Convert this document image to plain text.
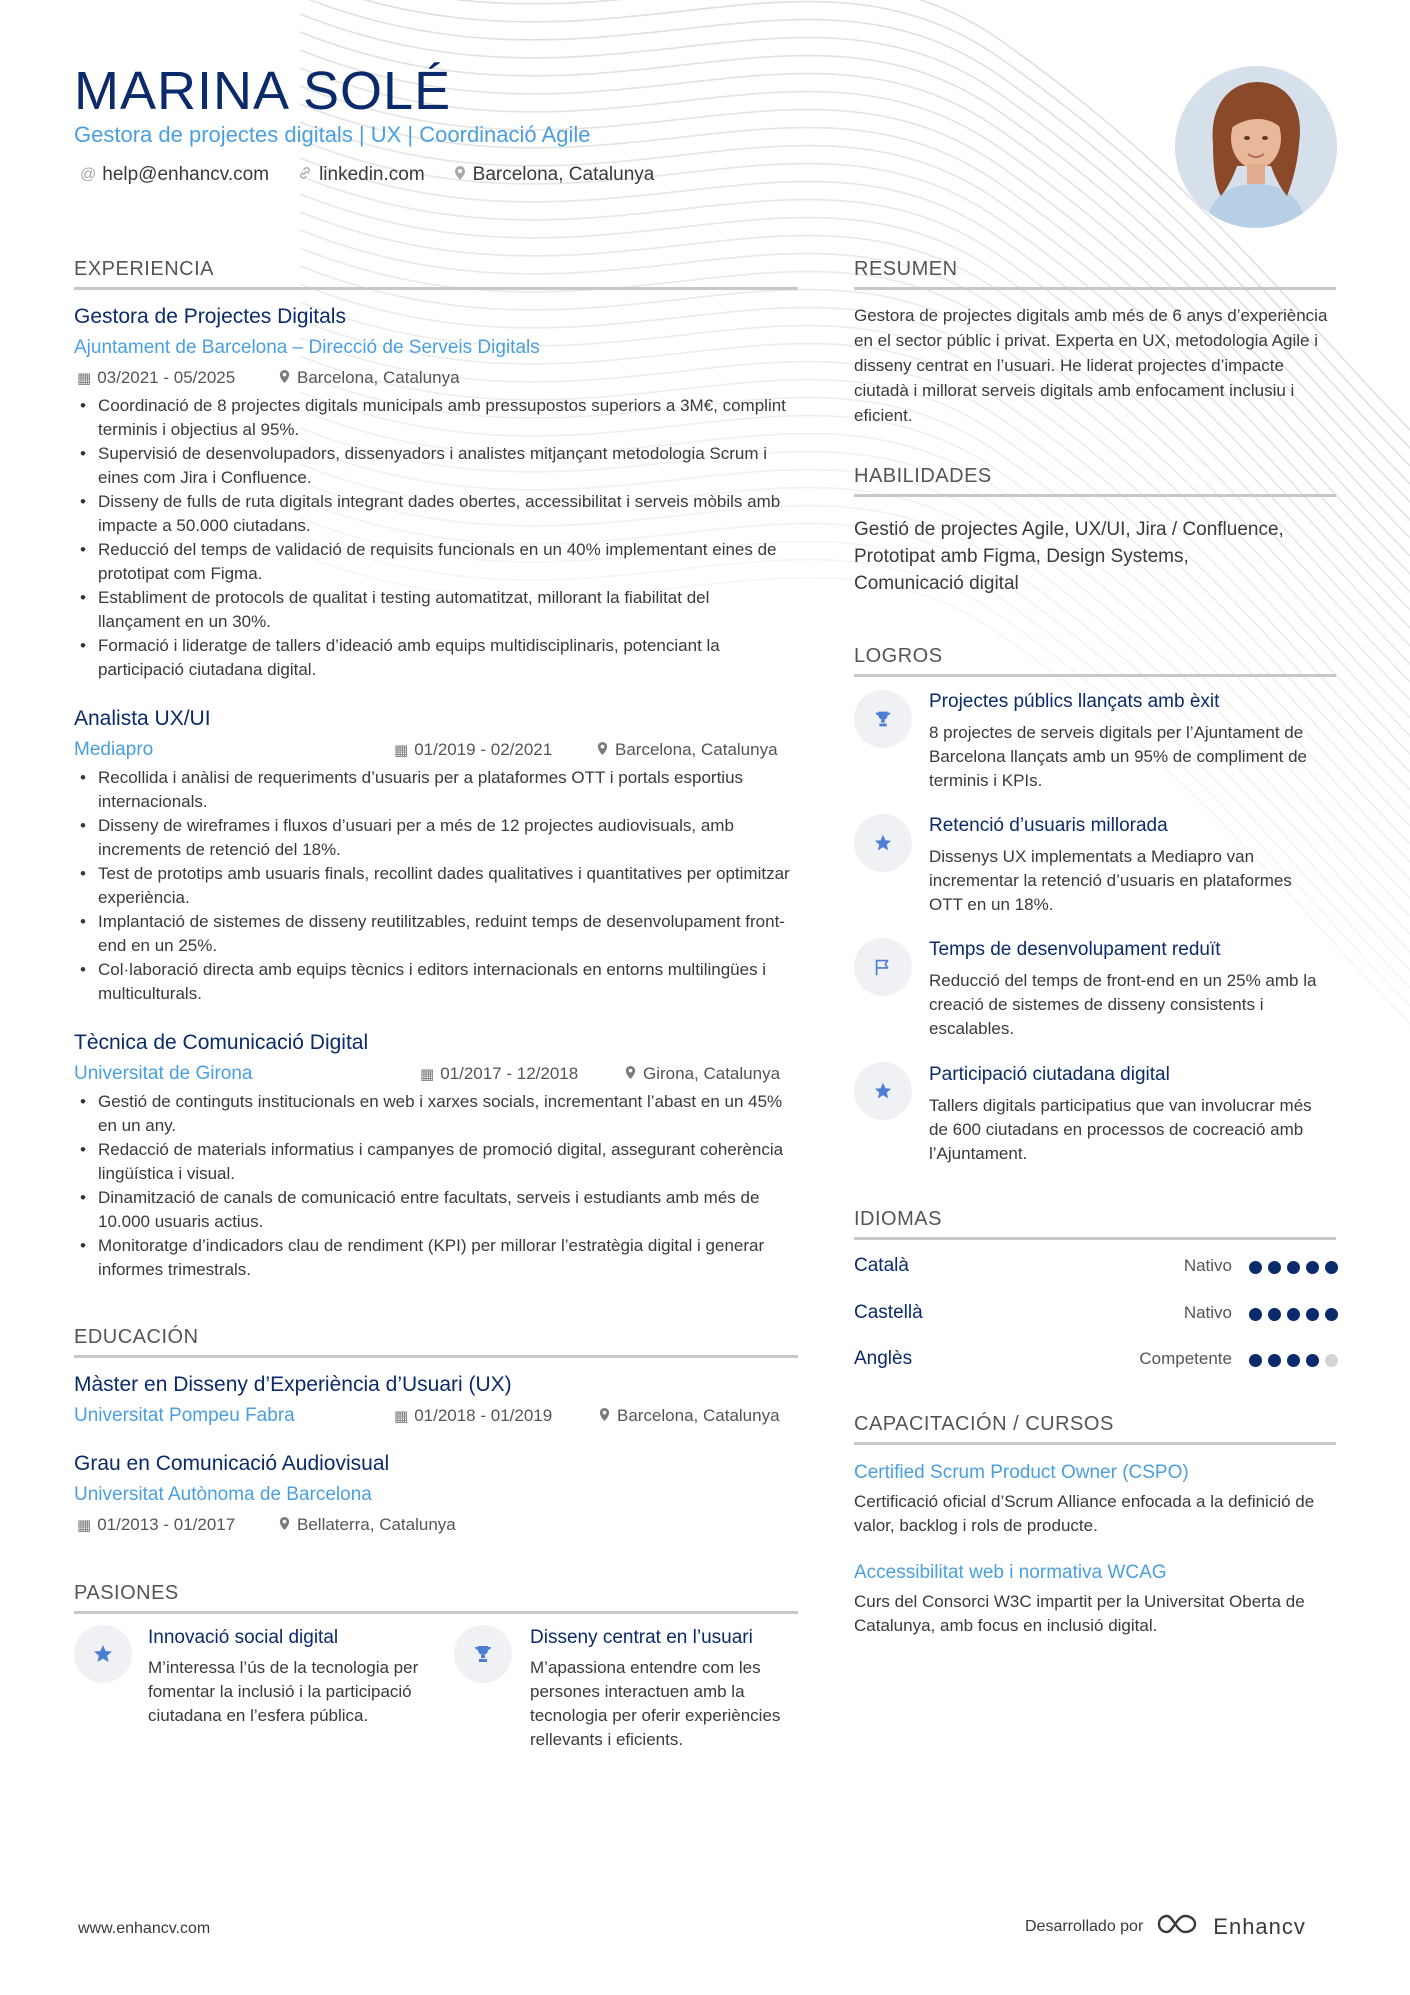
MARINA SOLÉ
Gestora de projectes digitals | UX | Coordinació Agile
@ help@enhancv.com	linkedin.com	Barcelona, Catalunya
EXPERIENCIA
Gestora de Projectes Digitals
Ajuntament de Barcelona – Direcció de Serveis Digitals
▦ 03/2021 - 05/2025	Barcelona, Catalunya
• Coordinació de 8 projectes digitals municipals amb pressupostos superiors a 3M€, complint terminis i objectius al 95%.
• Supervisió de desenvolupadors, dissenyadors i analistes mitjançant metodologia Scrum i eines com Jira i Confluence.
• Disseny de fulls de ruta digitals integrant dades obertes, accessibilitat i serveis mòbils amb impacte a 50.000 ciutadans.
• Reducció del temps de validació de requisits funcionals en un 40% implementant eines de prototipat com Figma.
• Establiment de protocols de qualitat i testing automatitzat, millorant la fiabilitat del llançament en un 30%.
• Formació i lideratge de tallers d’ideació amb equips multidisciplinaris, potenciant la participació ciutadana digital.
Analista UX/UI
Mediapro	▦ 01/2019 - 02/2021	Barcelona, Catalunya
• Recollida i anàlisi de requeriments d’usuaris per a plataformes OTT i portals esportius internacionals.
• Disseny de wireframes i fluxos d’usuari per a més de 12 projectes audiovisuals, amb increments de retenció del 18%.
• Test de prototips amb usuaris finals, recollint dades qualitatives i quantitatives per optimitzar experiència.
• Implantació de sistemes de disseny reutilitzables, reduint temps de desenvolupament front-end en un 25%.
• Col·laboració directa amb equips tècnics i editors internacionals en entorns multilingües i multiculturals.
Tècnica de Comunicació Digital
Universitat de Girona	▦ 01/2017 - 12/2018	Girona, Catalunya
• Gestió de continguts institucionals en web i xarxes socials, incrementant l’abast en un 45% en un any.
• Redacció de materials informatius i campanyes de promoció digital, assegurant coherència lingüística i visual.
• Dinamització de canals de comunicació entre facultats, serveis i estudiants amb més de 10.000 usuaris actius.
• Monitoratge d’indicadors clau de rendiment (KPI) per millorar l’estratègia digital i generar informes trimestrals.
EDUCACIÓN
Màster en Disseny d’Experiència d’Usuari (UX)
Universitat Pompeu Fabra	▦ 01/2018 - 01/2019	Barcelona, Catalunya
Grau en Comunicació Audiovisual
Universitat Autònoma de Barcelona
▦ 01/2013 - 01/2017	Bellaterra, Catalunya
PASIONES
Innovació social digital
M’interessa l’ús de la tecnologia per fomentar la inclusió i la participació ciutadana en l’esfera pública.
Disseny centrat en l’usuari
M’apassiona entendre com les persones interactuen amb la tecnologia per oferir experiències rellevants i eficients.
RESUMEN
Gestora de projectes digitals amb més de 6 anys d’experiència en el sector públic i privat. Experta en UX, metodologia Agile i disseny centrat en l’usuari. He liderat projectes d’impacte ciutadà i millorat serveis digitals amb enfocament inclusiu i eficient.
HABILIDADES
Gestió de projectes Agile, UX/UI, Jira / Confluence,
Prototipat amb Figma, Design Systems,
Comunicació digital
LOGROS
Projectes públics llançats amb èxit
8 projectes de serveis digitals per l’Ajuntament de Barcelona llançats amb un 95% de compliment de terminis i KPIs.
Retenció d’usuaris millorada
Dissenys UX implementats a Mediapro van incrementar la retenció d’usuaris en plataformes OTT en un 18%.
Temps de desenvolupament reduït
Reducció del temps de front-end en un 25% amb la creació de sistemes de disseny consistents i escalables.
Participació ciutadana digital
Tallers digitals participatius que van involucrar més de 600 ciutadans en processos de cocreació amb l’Ajuntament.
IDIOMAS
Català	Nativo
Castellà	Nativo
Anglès	Competente
CAPACITACIÓN / CURSOS
Certified Scrum Product Owner (CSPO)
Certificació oficial d’Scrum Alliance enfocada a la definició de valor, backlog i rols de producte.
Accessibilitat web i normativa WCAG
Curs del Consorci W3C impartit per la Universitat Oberta de Catalunya, amb focus en inclusió digital.
www.enhancv.com	Desarrollado por	Enhancv
